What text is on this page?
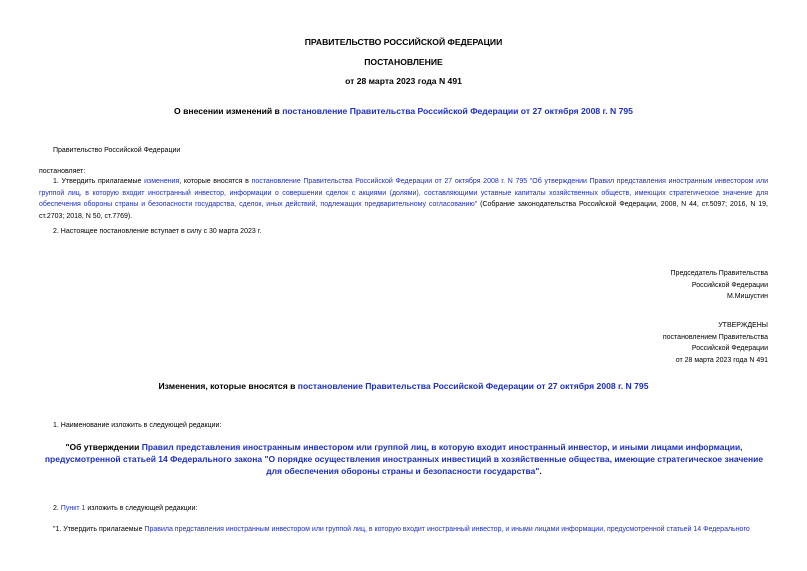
ПРАВИТЕЛЬСТВО РОССИЙСКОЙ ФЕДЕРАЦИИ
ПОСТАНОВЛЕНИЕ
от 28 марта 2023 года N 491
О внесении изменений в постановление Правительства Российской Федерации от 27 октября 2008 г. N 795
Правительство Российской Федерации
постановляет:
1. Утвердить прилагаемые изменения, которые вносятся в постановление Правительства Российской Федерации от 27 октября 2008 г. N 795 "Об утверждении Правил представления иностранным инвестором или группой лиц, в которую входит иностранный инвестор, информации о совершении сделок с акциями (долями), составляющими уставные капиталы хозяйственных обществ, имеющих стратегическое значение для обеспечения обороны страны и безопасности государства, сделок, иных действий, подлежащих предварительному согласованию" (Собрание законодательства Российской Федерации, 2008, N 44, ст.5097; 2016, N 19, ст.2703; 2018, N 50, ст.7769).
2. Настоящее постановление вступает в силу с 30 марта 2023 г.
Председатель Правительства
Российской Федерации
М.Мишустин
УТВЕРЖДЕНЫ
постановлением Правительства
Российской Федерации
от 28 марта 2023 года N 491
Изменения, которые вносятся в постановление Правительства Российской Федерации от 27 октября 2008 г. N 795
1. Наименование изложить в следующей редакции:
"Об утверждении Правил представления иностранным инвестором или группой лиц, в которую входит иностранный инвестор, и иными лицами информации, предусмотренной статьей 14 Федерального закона "О порядке осуществления иностранных инвестиций в хозяйственные общества, имеющие стратегическое значение для обеспечения обороны страны и безопасности государства".
2. Пункт 1 изложить в следующей редакции:
"1. Утвердить прилагаемые Правила представления иностранным инвестором или группой лиц, в которую входит иностранный инвестор, и иными лицами информации, предусмотренной статьей 14 Федерального
